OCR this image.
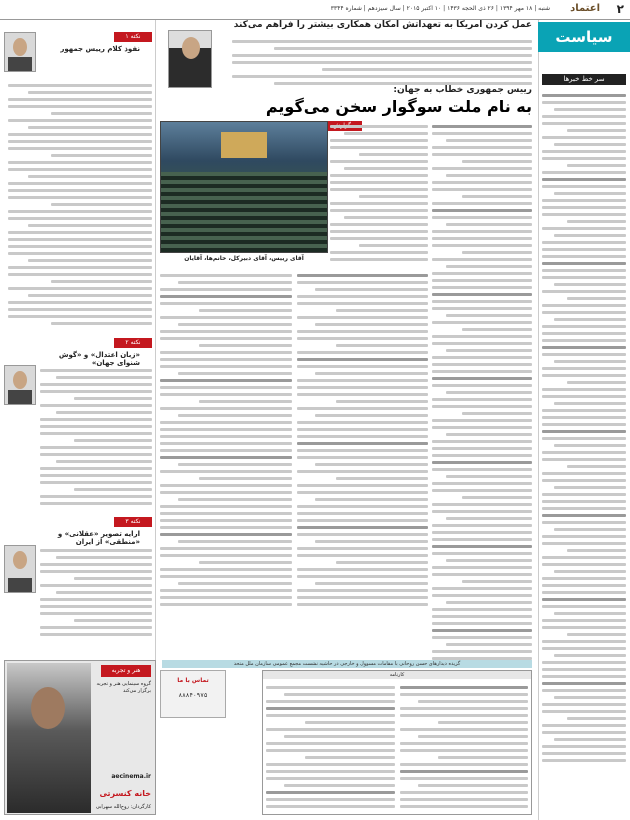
۲
اعتماد
شنبه | ۱۸ مهر ۱۳۹۴ | ۲۶ ذی الحجه ۱۴۳۶ | ۱۰ اکتبر ۲۰۱۵ | سال سیزدهم | شماره ۳۳۴۴
سیاست
سر خط خبرها
عمل کردن امریکا به تعهداتش امکان همکاری بیشتر را فراهم می‌کند
رییس جمهوری خطاب به جهان:
به نام ملت سوگوار سخن می‌گویم
آقای رییس، آقای دبیرکل، خانم‌ها، آقایان
نکته ۱
نفوذ کلام رییس جمهور
نکته ۲
«زبان اعتدال» و «گوش شنوای جهان»
نکته ۳
ارایه تصویر «عقلانی» و «منطقی» از ایران
گزیده دیدارهای حسن روحانی با مقامات مسوول و خارجی در حاشیه نشست مجمع عمومی سازمان ملل متحد
کارنامه
تماس با ما
۸۸۸۴۰۹۷۵
هنر و تجربه
گروه سینمایی هنر و تجربه برگزار می‌کند
aecinema.ir
خانه کنسرتی
کارگردان: روح‌الله سهرابی
